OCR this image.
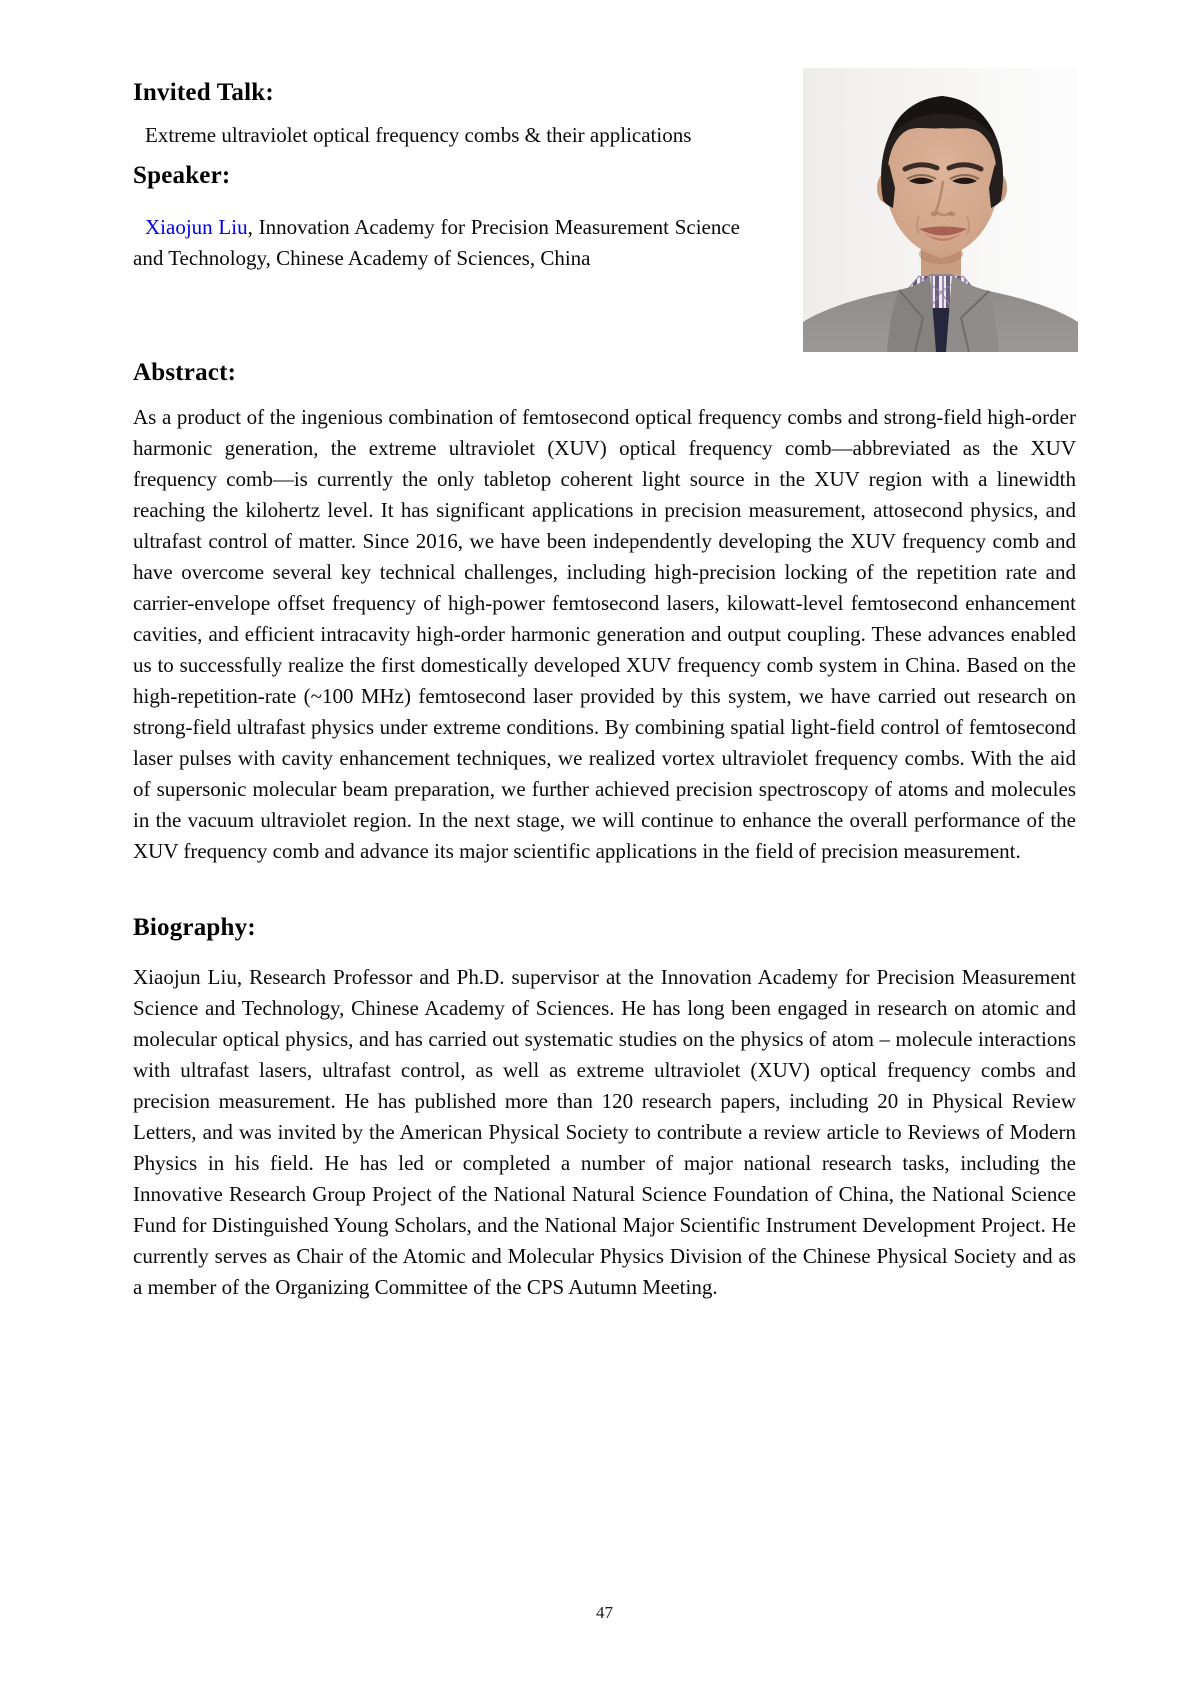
Invited Talk:

Extreme ultraviolet optical frequency combs & their applications

Speaker:

Xiaojun Liu, Innovation Academy for Precision Measurement Science and Technology, Chinese Academy of Sciences, China

Abstract:

As a product of the ingenious combination of femtosecond optical frequency combs and strong-field high-order harmonic generation, the extreme ultraviolet (XUV) optical frequency comb—abbreviated as the XUV frequency comb—is currently the only tabletop coherent light source in the XUV region with a linewidth reaching the kilohertz level. It has significant applications in precision measurement, attosecond physics, and ultrafast control of matter. Since 2016, we have been independently developing the XUV frequency comb and have overcome several key technical challenges, including high-precision locking of the repetition rate and carrier-envelope offset frequency of high-power femtosecond lasers, kilowatt-level femtosecond enhancement cavities, and efficient intracavity high-order harmonic generation and output coupling. These advances enabled us to successfully realize the first domestically developed XUV frequency comb system in China. Based on the high-repetition-rate (~100 MHz) femtosecond laser provided by this system, we have carried out research on strong-field ultrafast physics under extreme conditions. By combining spatial light-field control of femtosecond laser pulses with cavity enhancement techniques, we realized vortex ultraviolet frequency combs. With the aid of supersonic molecular beam preparation, we further achieved precision spectroscopy of atoms and molecules in the vacuum ultraviolet region. In the next stage, we will continue to enhance the overall performance of the XUV frequency comb and advance its major scientific applications in the field of precision measurement.

Biography:

Xiaojun Liu, Research Professor and Ph.D. supervisor at the Innovation Academy for Precision Measurement Science and Technology, Chinese Academy of Sciences. He has long been engaged in research on atomic and molecular optical physics, and has carried out systematic studies on the physics of atom – molecule interactions with ultrafast lasers, ultrafast control, as well as extreme ultraviolet (XUV) optical frequency combs and precision measurement. He has published more than 120 research papers, including 20 in Physical Review Letters, and was invited by the American Physical Society to contribute a review article to Reviews of Modern Physics in his field. He has led or completed a number of major national research tasks, including the Innovative Research Group Project of the National Natural Science Foundation of China, the National Science Fund for Distinguished Young Scholars, and the National Major Scientific Instrument Development Project. He currently serves as Chair of the Atomic and Molecular Physics Division of the Chinese Physical Society and as a member of the Organizing Committee of the CPS Autumn Meeting.

47
